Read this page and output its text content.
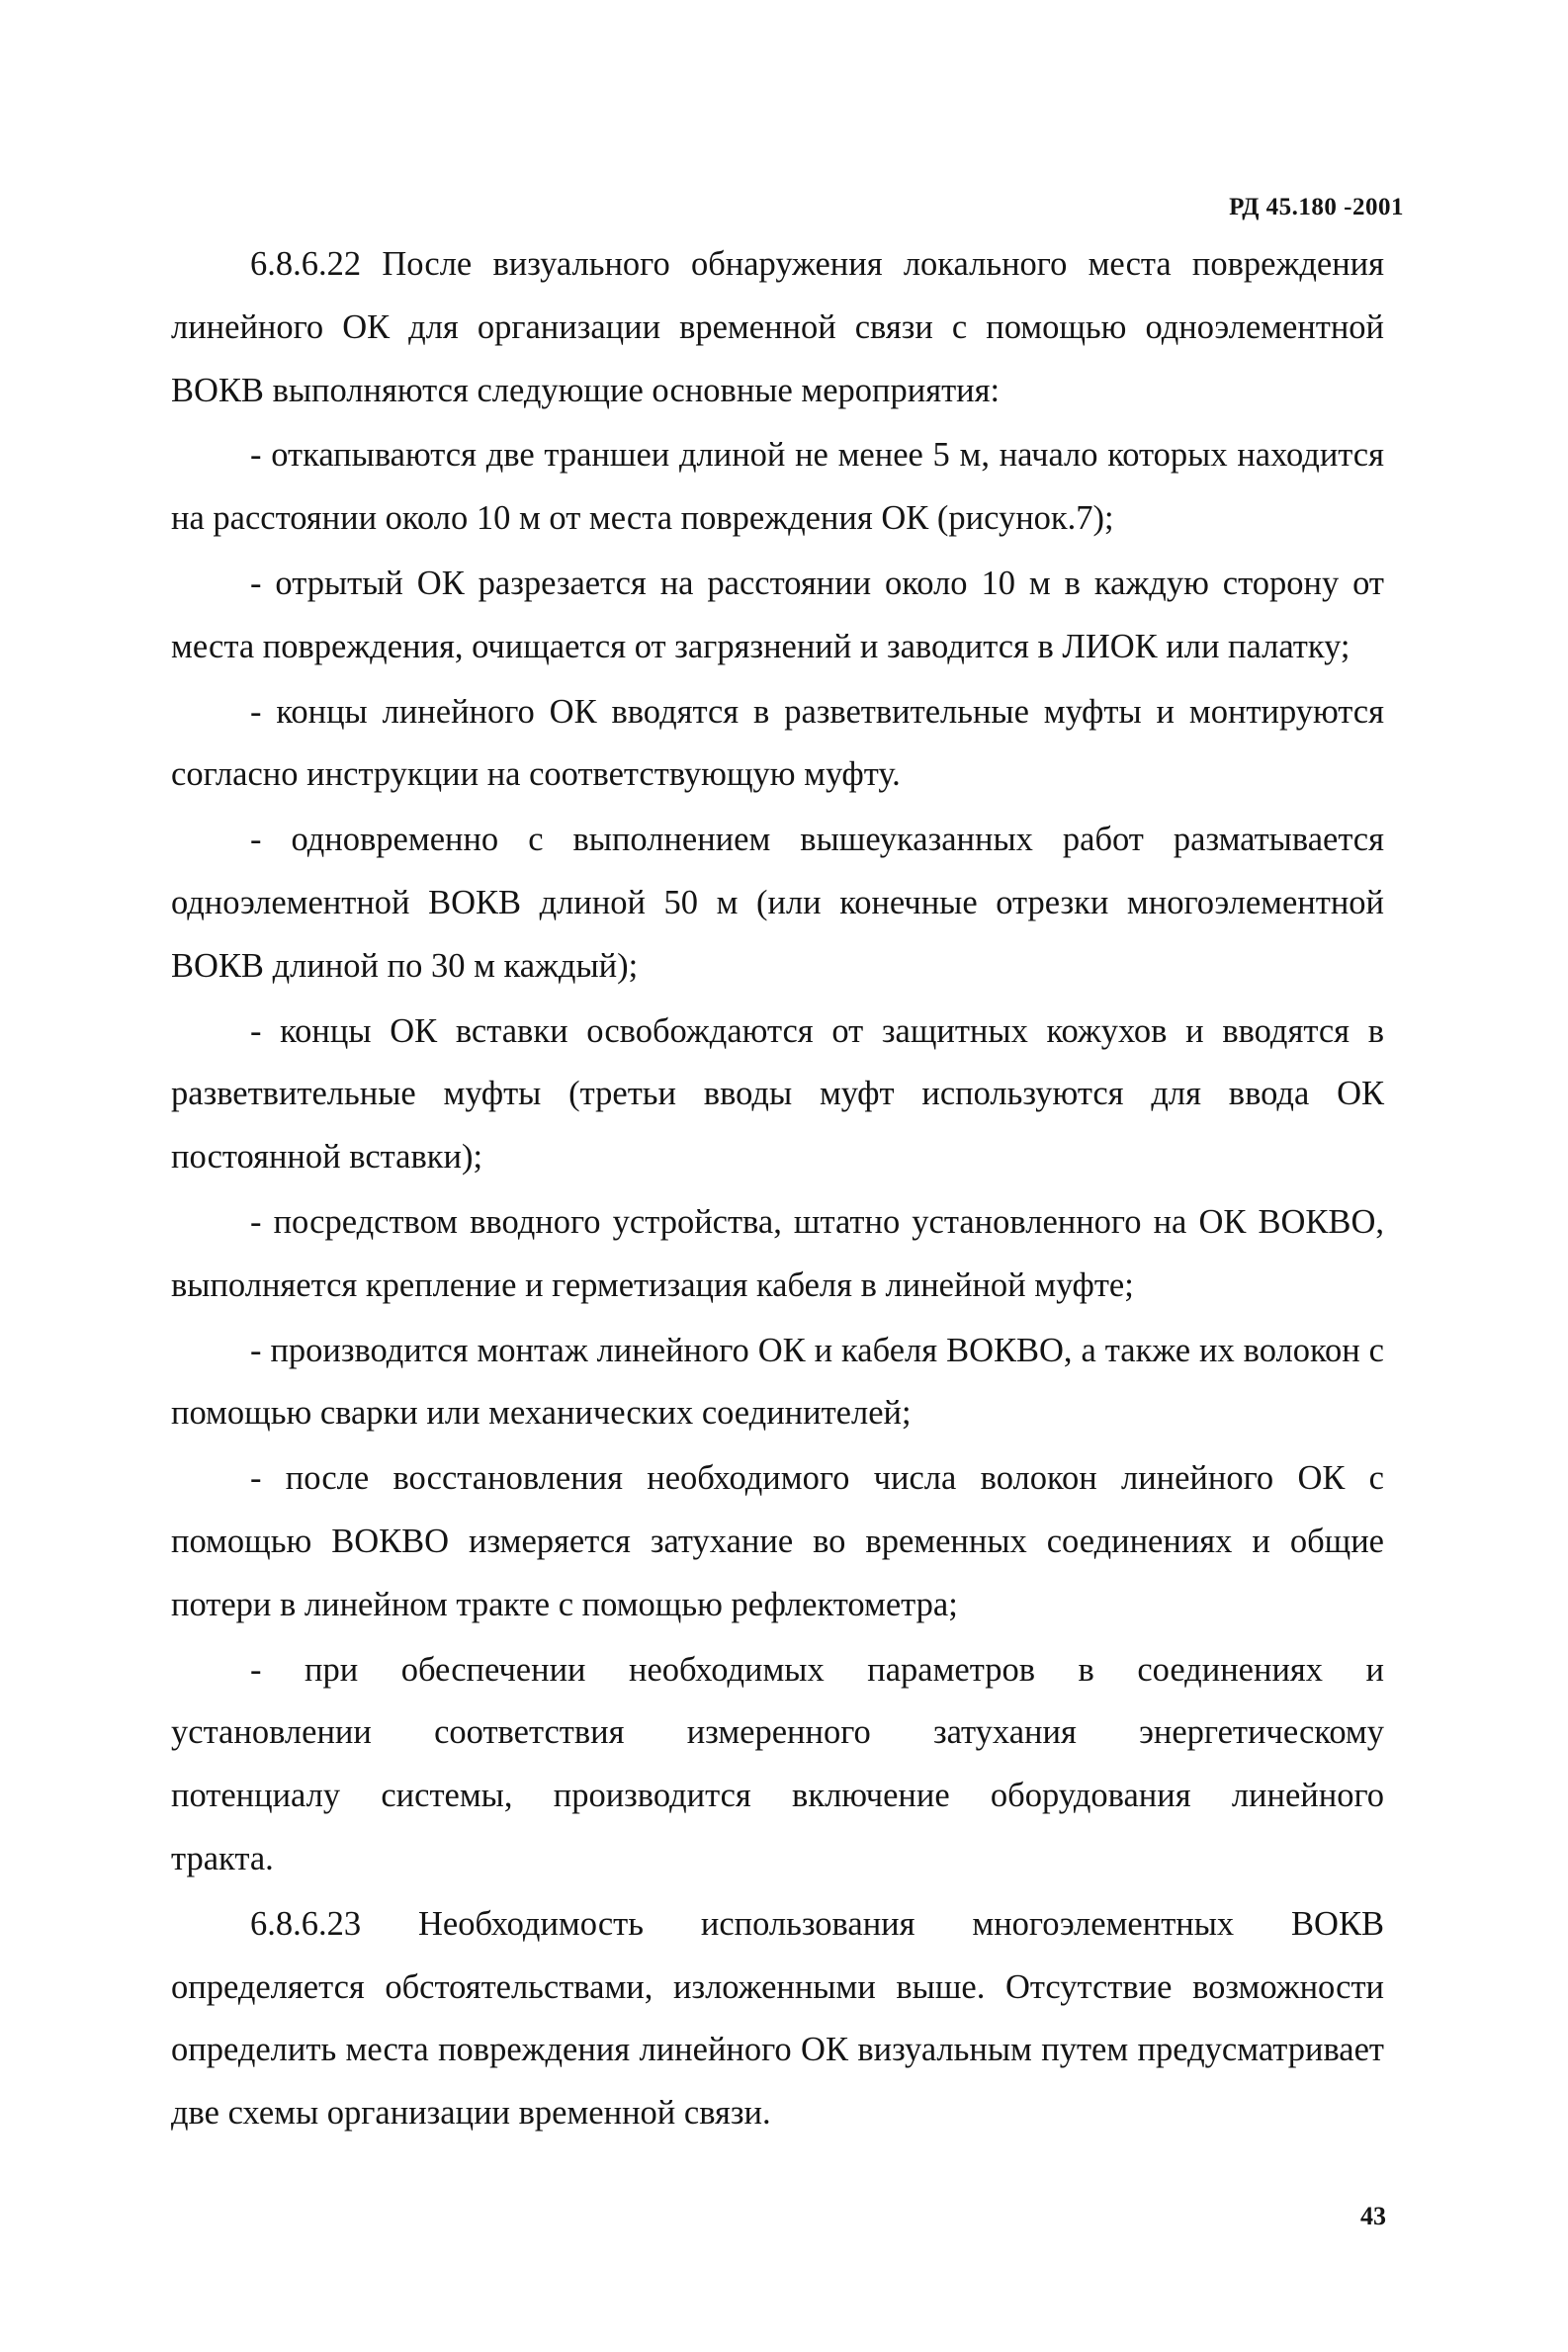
РД 45.180 -2001

6.8.6.22 После визуального обнаружения локального места повреждения линейного ОК для организации временной связи с помощью одноэлементной ВОКВ выполняются следующие основные мероприятия:

- откапываются две траншеи длиной не менее 5 м, начало которых находится на расстоянии около 10 м от места повреждения ОК (рисунок.7);

- отрытый ОК разрезается на расстоянии около 10 м в каждую сторону от места повреждения, очищается от загрязнений и заводится в ЛИОК или палатку;

- концы линейного ОК вводятся в разветвительные муфты и монтируются согласно инструкции на соответствующую муфту.

- одновременно с выполнением вышеуказанных работ разматывается одноэлементной ВОКВ длиной 50 м (или конечные отрезки многоэлементной ВОКВ длиной по 30 м каждый);

- концы ОК вставки освобождаются от защитных кожухов и вводятся в разветвительные муфты (третьи вводы муфт используются для ввода ОК постоянной вставки);

- посредством вводного устройства, штатно установленного на ОК ВОКВО, выполняется крепление и герметизация кабеля в линейной муфте;

- производится монтаж линейного ОК и кабеля ВОКВО, а также их волокон с помощью сварки или механических соединителей;

- после восстановления необходимого числа волокон линейного ОК с помощью ВОКВО измеряется затухание во временных соединениях и общие потери в линейном тракте с помощью рефлектометра;

- при обеспечении необходимых параметров в соединениях и установлении соответствия измеренного затухания энергетическому потенциалу системы, производится включение оборудования линейного тракта.

6.8.6.23 Необходимость использования многоэлементных ВОКВ определяется обстоятельствами, изложенными выше. Отсутствие возможности определить места повреждения линейного ОК визуальным путем предусматривает две схемы организации временной связи.

43
